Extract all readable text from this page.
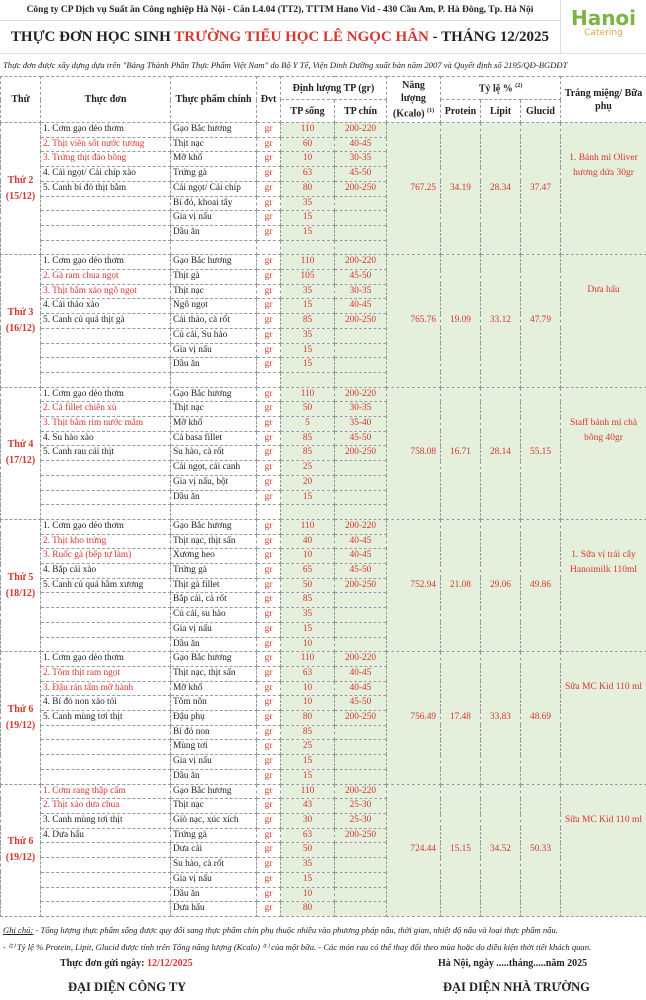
Công ty CP Dịch vụ Suất ăn Công nghiệp Hà Nội - Căn L4.04 (TT2), TTTM Hano Vid - 430 Cầu Am, P. Hà Đông, Tp. Hà Nội
THỰC ĐƠN HỌC SINH TRƯỜNG TIỂU HỌC LÊ NGỌC HÂN - THÁNG 12/2025
Hanoi
Catering
Thực đơn được xây dựng dựa trên "Bảng Thành Phần Thực Phẩm Việt Nam" do Bộ Y Tế, Viện Dinh Dưỡng xuất bản năm 2007 và Quyết định số 2195/QĐ-BGDĐT
Thứ	Thực đơn	Thực phẩm chính	Đvt	Định lượng TP (gr)		Năng lượng (Kcalo) $^{(1)}$	Tỷ lệ % $^{(2)}$			Tráng miệng/ Bữa phụ
				TP sống	TP chín		Protein	Lipit	Glucid	

Thứ 2
(15/12)	1. Cơm gạo dẻo thơm	Gạo Bắc hương	gr	110	200-220	767.25	34.19	28.34	37.47	1. Bánh mì Oliver hương dứa 30gr
	2. Thịt viên sốt nước tương	Thịt nạc	gr	60	40-45					
	3. Trứng thịt đảo bông	Mỡ khổ	gr	10	30-35					
	4. Cải ngọt/ Cải chíp xào	Trứng gà	gr	63	45-50					
	5. Canh bí đỏ thịt bằm	Cải ngọt/ Cải chíp	gr	80	200-250					
		Bí đỏ, khoai tây	gr	35						
		Gia vị nấu	gr	15						
		Dầu ăn	gr	15						

Thứ 3
(16/12)	1. Cơm gạo dẻo thơm	Gạo Bắc hương	gr	110	200-220	765.76	19.09	33.12	47.79	Dưa hấu
	2. Gà ram chua ngọt	Thịt gà	gr	105	45-50					
	3. Thịt bằm xào ngô ngọt	Thịt nạc	gr	35	30-35					
	4. Cải thảo xào	Ngô ngọt	gr	15	40-45					
	5. Canh củ quả thịt gà	Cải thảo, cà rốt	gr	85	200-250					
		Củ cải, Su hào	gr	35						
		Gia vị nấu	gr	15						
		Dầu ăn	gr	15						

Thứ 4
(17/12)	1. Cơm gạo dẻo thơm	Gạo Bắc hương	gr	110	200-220	758.08	16.71	28.14	55.15	Staff bánh mì chà bông 40gr
	2. Cá fillet chiên xù	Thịt nạc	gr	50	30-35					
	3. Thịt bằm rim nước mắm	Mỡ khổ	gr	5	35-40					
	4. Su hào xào	Cá basa fillet	gr	85	45-50					
	5. Canh rau cải thịt	Su hào, cà rốt	gr	85	200-250					
		Cải ngọt, cải canh	gr	25						
		Gia vị nấu, bột	gr	20						
		Dầu ăn	gr	15						

Thứ 5
(18/12)	1. Cơm gạo dẻo thơm	Gạo Bắc hương	gr	110	200-220	752.94	21.08	29.06	49.86	1. Sữa vị trái cây Hanoimilk 110ml
	2. Thịt kho trứng	Thịt nạc, thịt sấn	gr	40	40-45					
	3. Ruốc gà (bếp tự làm)	Xương heo	gr	10	40-45					
	4. Bắp cải xào	Trứng gà	gr	65	45-50					
	5. Canh củ quả hầm xương	Thịt gà fillet	gr	50	200-250					
		Bắp cải, cà rốt	gr	85						
		Củ cải, su hào	gr	35						
		Gia vị nấu	gr	15						
		Dầu ăn	gr	10						

Thứ 6
(19/12)	1. Cơm gạo dẻo thơm	Gạo Bắc hương	gr	110	200-220	756.49	17.48	33.83	48.69	Sữa MC Kid 110 ml
	2. Tôm thịt ram ngọt	Thịt nạc, thịt sấn	gr	63	40-45					
	3. Đậu rán tấm mỡ hành	Mỡ khổ	gr	10	40-45					
	4. Bí đỏ non xào tỏi	Tôm nõn	gr	10	45-50					
	5. Canh mùng tơi thịt	Đậu phụ	gr	80	200-250					
		Bí đỏ non	gr	85						
		Mùng tơi	gr	25						
		Gia vị nấu	gr	15						
		Dầu ăn	gr	15						

Thứ 6
(19/12)	1. Cơm rang thập cẩm	Gạo Bắc hương	gr	110	200-220	724.44	15.15	34.52	50.33	Sữa MC Kid 110 ml
	2. Thịt xào dưa chua	Thịt nạc	gr	43	25-30					
	3. Canh mùng tơi thịt	Giò nạc, xúc xích	gr	30	25-30					
	4. Dưa hấu	Trứng gà	gr	63	200-250					
		Dưa cải	gr	50						
		Su hào, cà rốt	gr	35						
		Gia vị nấu	gr	15						
		Dầu ăn	gr	10						
		Dưa hấu	gr	80						
Ghi chú: - Tổng lượng thực phẩm sống được quy đổi sang thực phẩm chín phụ thuộc nhiều vào phương pháp nấu, thời gian, nhiệt độ nấu và loại thực phẩm nấu.
- ⁽²⁾ Tỷ lệ % Protein, Lipit, Glucid được tính trên Tổng năng lượng (Kcalo) ⁽¹⁾ của một bữa. - Các món rau có thể thay đổi theo mùa hoặc do điều kiện thời tiết khách quan.
Thực đơn gửi ngày: 12/12/2025	Hà Nội, ngày .....tháng.....năm 2025
ĐẠI DIỆN CÔNG TY	ĐẠI DIỆN NHÀ TRƯỜNG
